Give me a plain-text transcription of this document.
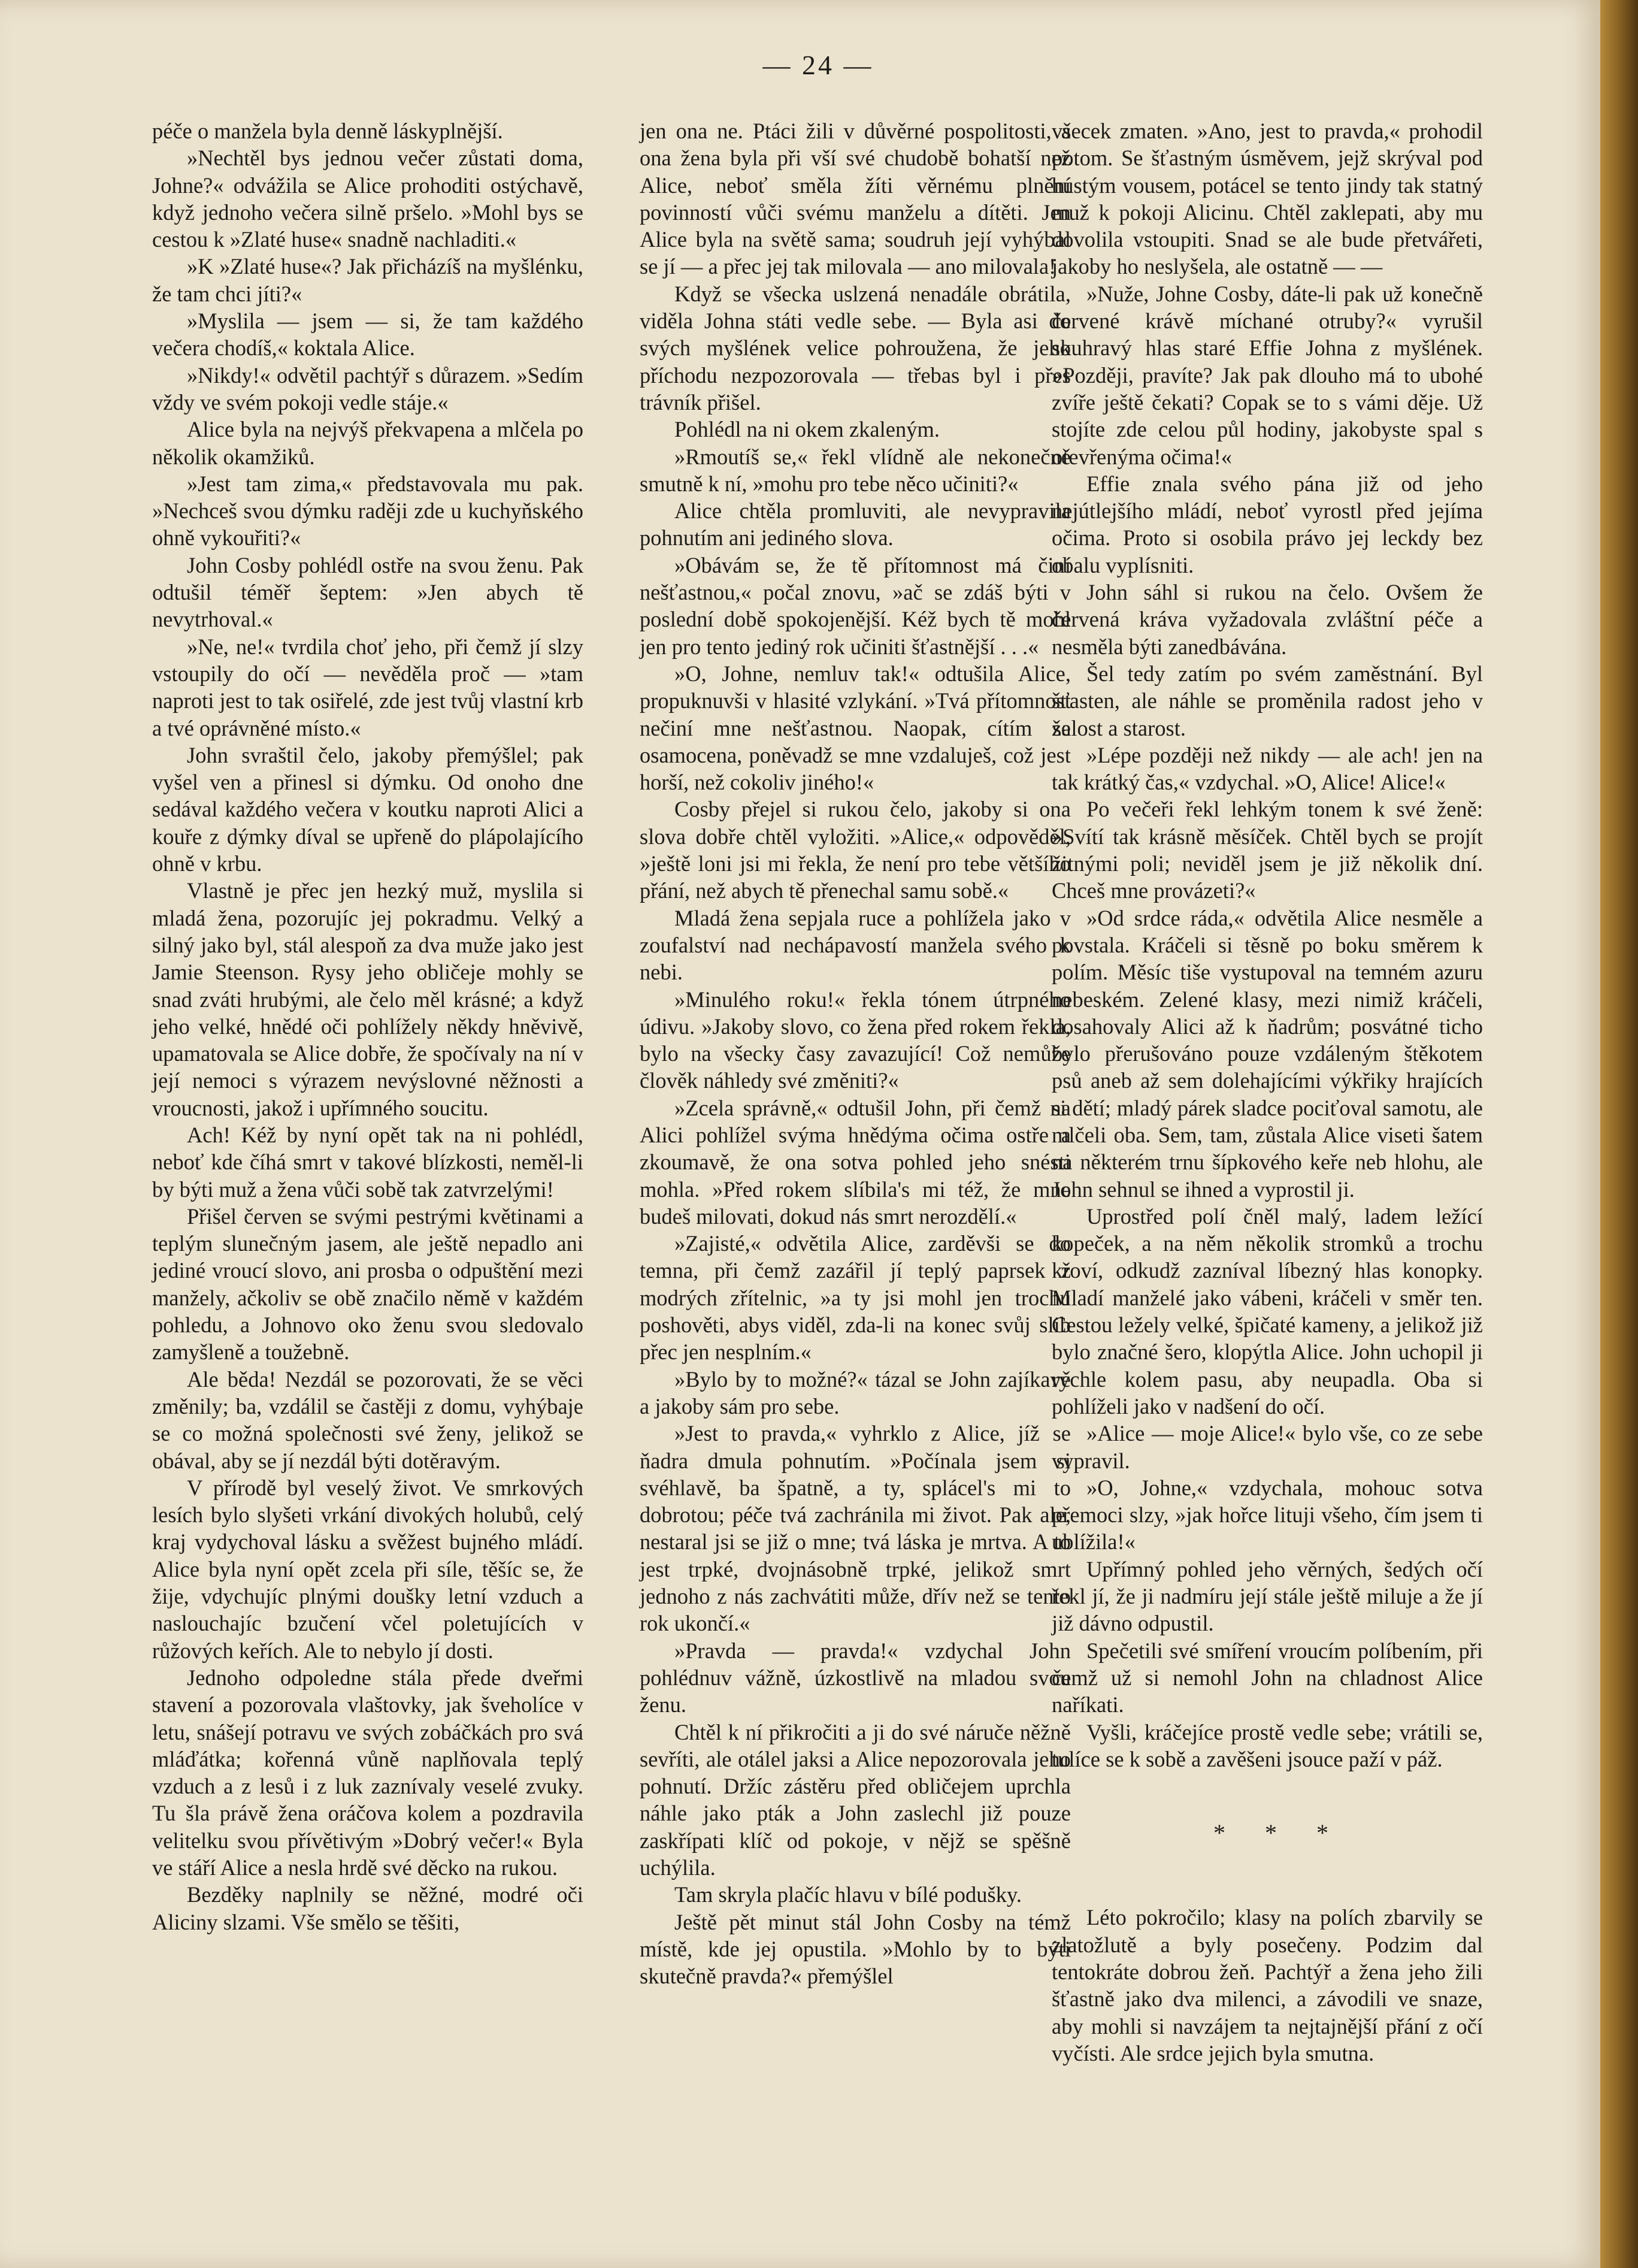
— 24 —

péče o manžela byla denně láskyplnější.

»Nechtěl bys jednou večer zůstati doma, Johne?« odvážila se Alice prohoditi ostýchavě, když jednoho večera silně pršelo. »Mohl bys se cestou k »Zlaté huse« snadně nachladiti.«

»K »Zlaté huse«? Jak přicházíš na myšlénku, že tam chci jíti?«

»Myslila — jsem — si, že tam každého večera chodíš,« koktala Alice.

»Nikdy!« odvětil pachtýř s důrazem. »Sedím vždy ve svém pokoji vedle stáje.«

Alice byla na nejvýš překvapena a mlčela po několik okamžiků.

»Jest tam zima,« představovala mu pak. »Nechceš svou dýmku raději zde u kuchyňského ohně vykouřiti?«

John Cosby pohlédl ostře na svou ženu. Pak odtušil téměř šeptem: »Jen abych tě nevytrhoval.«

»Ne, ne!« tvrdila choť jeho, při čemž jí slzy vstoupily do očí — nevěděla proč — »tam naproti jest to tak osiřelé, zde jest tvůj vlastní krb a tvé oprávněné místo.«

John svraštil čelo, jakoby přemýšlel; pak vyšel ven a přinesl si dýmku. Od onoho dne sedával každého večera v koutku naproti Alici a kouře z dýmky díval se upřeně do plápolajícího ohně v krbu.

Vlastně je přec jen hezký muž, myslila si mladá žena, pozorujíc jej pokradmu. Velký a silný jako byl, stál alespoň za dva muže jako jest Jamie Steenson. Rysy jeho obličeje mohly se snad zváti hrubými, ale čelo měl krásné; a když jeho velké, hnědé oči pohlížely někdy hněvivě, upamatovala se Alice dobře, že spočívaly na ní v její nemoci s výrazem nevýslovné něžnosti a vroucnosti, jakož i upřímného soucitu.

Ach! Kéž by nyní opět tak na ni pohlédl, neboť kde číhá smrt v takové blízkosti, neměl-li by býti muž a žena vůči sobě tak zatvrzelými!

Přišel červen se svými pestrými květinami a teplým slunečným jasem, ale ještě nepadlo ani jediné vroucí slovo, ani prosba o odpuštění mezi manžely, ačkoliv se obě značilo němě v každém pohledu, a Johnovo oko ženu svou sledovalo zamyšleně a toužebně.

Ale běda! Nezdál se pozorovati, že se věci změnily; ba, vzdálil se častěji z domu, vyhýbaje se co možná společnosti své ženy, jelikož se obával, aby se jí nezdál býti dotěravým.

V přírodě byl veselý život. Ve smrkových lesích bylo slyšeti vrkání divokých holubů, celý kraj vydychoval lásku a svěžest bujného mládí. Alice byla nyní opět zcela při síle, těšíc se, že žije, vdychujíc plnými doušky letní vzduch a naslouchajíc bzučení včel poletujících v růžových keřích. Ale to nebylo jí dosti.

Jednoho odpoledne stála přede dveřmi stavení a pozorovala vlaštovky, jak šveholíce v letu, snášejí potravu ve svých zobáčkách pro svá mláďátka; kořenná vůně naplňovala teplý vzduch a z lesů i z luk zaznívaly veselé zvuky. Tu šla právě žena oráčova kolem a pozdravila velitelku svou přívětivým »Dobrý večer!« Byla ve stáří Alice a nesla hrdě své děcko na rukou.

Bezděky naplnily se něžné, modré oči Aliciny slzami. Vše smělo se těšiti,

jen ona ne. Ptáci žili v důvěrné pospolitosti, a ona žena byla při vší své chudobě bohatší než Alice, neboť směla žíti věrnému plnění povinností vůči svému manželu a dítěti. Jen Alice byla na světě sama; soudruh její vyhýbal se jí — a přec jej tak milovala — ano milovala!

Když se všecka uslzená nenadále obrátila, viděla Johna státi vedle sebe. — Byla asi do svých myšlének velice pohroužena, že jeho příchodu nezpozorovala — třebas byl i přes trávník přišel.

Pohlédl na ni okem zkaleným.

»Rmoutíš se,« řekl vlídně ale nekonečně smutně k ní, »mohu pro tebe něco učiniti?«

Alice chtěla promluviti, ale nevypravila pohnutím ani jediného slova.

»Obávám se, že tě přítomnost má činí nešťastnou,« počal znovu, »ač se zdáš býti v poslední době spokojenější. Kéž bych tě mohl jen pro tento jediný rok učiniti šťastnější . . .«

»O, Johne, nemluv tak!« odtušila Alice, propuknuvši v hlasité vzlykání. »Tvá přítomnost nečiní mne nešťastnou. Naopak, cítím se osamocena, poněvadž se mne vzdaluješ, což jest horší, než cokoliv jiného!«

Cosby přejel si rukou čelo, jakoby si ona slova dobře chtěl vyložiti. »Alice,« odpověděl, »ještě loni jsi mi řekla, že není pro tebe většího přání, než abych tě přenechal samu sobě.«

Mladá žena sepjala ruce a pohlížela jako v zoufalství nad nechápavostí manžela svého k nebi.

»Minulého roku!« řekla tónem útrpného údivu. »Jakoby slovo, co žena před rokem řekla, bylo na všecky časy zavazující! Což nemůže člověk náhledy své změniti?«

»Zcela správně,« odtušil John, při čemž na Alici pohlížel svýma hnědýma očima ostře a zkoumavě, že ona sotva pohled jeho snésti mohla. »Před rokem slíbila's mi též, že mne budeš milovati, dokud nás smrt nerozdělí.«

»Zajisté,« odvětila Alice, zarděvši se do temna, při čemž zazářil jí teplý paprsek z modrých zřítelnic, »a ty jsi mohl jen trochu poshověti, abys viděl, zda-li na konec svůj slib přec jen nesplním.«

»Bylo by to možné?« tázal se John zajíkavě a jakoby sám pro sebe.

»Jest to pravda,« vyhrklo z Alice, jíž se ňadra dmula pohnutím. »Počínala jsem si svéhlavě, ba špatně, a ty, splácel's mi to dobrotou; péče tvá zachránila mi život. Pak ale, nestaral jsi se již o mne; tvá láska je mrtva. A to jest trpké, dvojnásobně trpké, jelikož smrt jednoho z nás zachvátiti může, dřív než se tento rok ukončí.«

»Pravda — pravda!« vzdychal John pohlédnuv vážně, úzkostlivě na mladou svou ženu.

Chtěl k ní přikročiti a ji do své náruče něžně sevříti, ale otálel jaksi a Alice nepozorovala jeho pohnutí. Držíc zástěru před obličejem uprchla náhle jako pták a John zaslechl již pouze zaskřípati klíč od pokoje, v nějž se spěšně uchýlila.

Tam skryla plačíc hlavu v bílé podušky.

Ještě pět minut stál John Cosby na témž místě, kde jej opustila. »Mohlo by to býti skutečně pravda?« přemýšlel

všecek zmaten. »Ano, jest to pravda,« prohodil potom. Se šťastným úsměvem, jejž skrýval pod hustým vousem, potácel se tento jindy tak statný muž k pokoji Alicinu. Chtěl zaklepati, aby mu dovolila vstoupiti. Snad se ale bude přetvářeti, jakoby ho neslyšela, ale ostatně — —

»Nuže, Johne Cosby, dáte-li pak už konečně červené krávě míchané otruby?« vyrušil skuhravý hlas staré Effie Johna z myšlének. »Později, pravíte? Jak pak dlouho má to ubohé zvíře ještě čekati? Copak se to s vámi děje. Už stojíte zde celou půl hodiny, jakobyste spal s otevřenýma očima!«

Effie znala svého pána již od jeho nejútlejšího mládí, neboť vyrostl před jejíma očima. Proto si osobila právo jej leckdy bez obalu vyplísniti.

John sáhl si rukou na čelo. Ovšem že červená kráva vyžadovala zvláštní péče a nesměla býti zanedbávána.

Šel tedy zatím po svém zaměstnání. Byl šťasten, ale náhle se proměnila radost jeho v žalost a starost.

»Lépe později než nikdy — ale ach! jen na tak krátký čas,« vzdychal. »O, Alice! Alice!«

Po večeři řekl lehkým tonem k své ženě: »Svítí tak krásně měsíček. Chtěl bych se projít žitnými poli; neviděl jsem je již několik dní. Chceš mne provázeti?«

»Od srdce ráda,« odvětila Alice nesměle a povstala. Kráčeli si těsně po boku směrem k polím. Měsíc tiše vystupoval na temném azuru nebeském. Zelené klasy, mezi nimiž kráčeli, dosahovaly Alici až k ňadrům; posvátné ticho bylo přerušováno pouze vzdáleným štěkotem psů aneb až sem dolehajícími výkřiky hrajících si dětí; mladý párek sladce pociťoval samotu, ale mlčeli oba. Sem, tam, zůstala Alice viseti šatem na některém trnu šípkového keře neb hlohu, ale John sehnul se ihned a vyprostil ji.

Uprostřed polí čněl malý, ladem ležící kopeček, a na něm několik stromků a trochu křoví, odkudž zazníval líbezný hlas konopky. Mladí manželé jako vábeni, kráčeli v směr ten. Cestou ležely velké, špičaté kameny, a jelikož již bylo značné šero, klopýtla Alice. John uchopil ji rychle kolem pasu, aby neupadla. Oba si pohlíželi jako v nadšení do očí.

»Alice — moje Alice!« bylo vše, co ze sebe vypravil.

»O, Johne,« vzdychala, mohouc sotva přemoci slzy, »jak hořce lituji všeho, čím jsem ti ublížila!«

Upřímný pohled jeho věrných, šedých očí řekl jí, že ji nadmíru její stále ještě miluje a že jí již dávno odpustil.

Spečetili své smíření vroucím políbením, při čemž už si nemohl John na chladnost Alice naříkati.

Vyšli, kráčejíce prostě vedle sebe; vrátili se, tulíce se k sobě a zavěšeni jsouce paží v páž.

* * *

Léto pokročilo; klasy na polích zbarvily se zlatožlutě a byly posečeny. Podzim dal tentokráte dobrou žeň. Pachtýř a žena jeho žili šťastně jako dva milenci, a závodili ve snaze, aby mohli si navzájem ta nejtajnější přání z očí vyčísti. Ale srdce jejich byla smutna.
